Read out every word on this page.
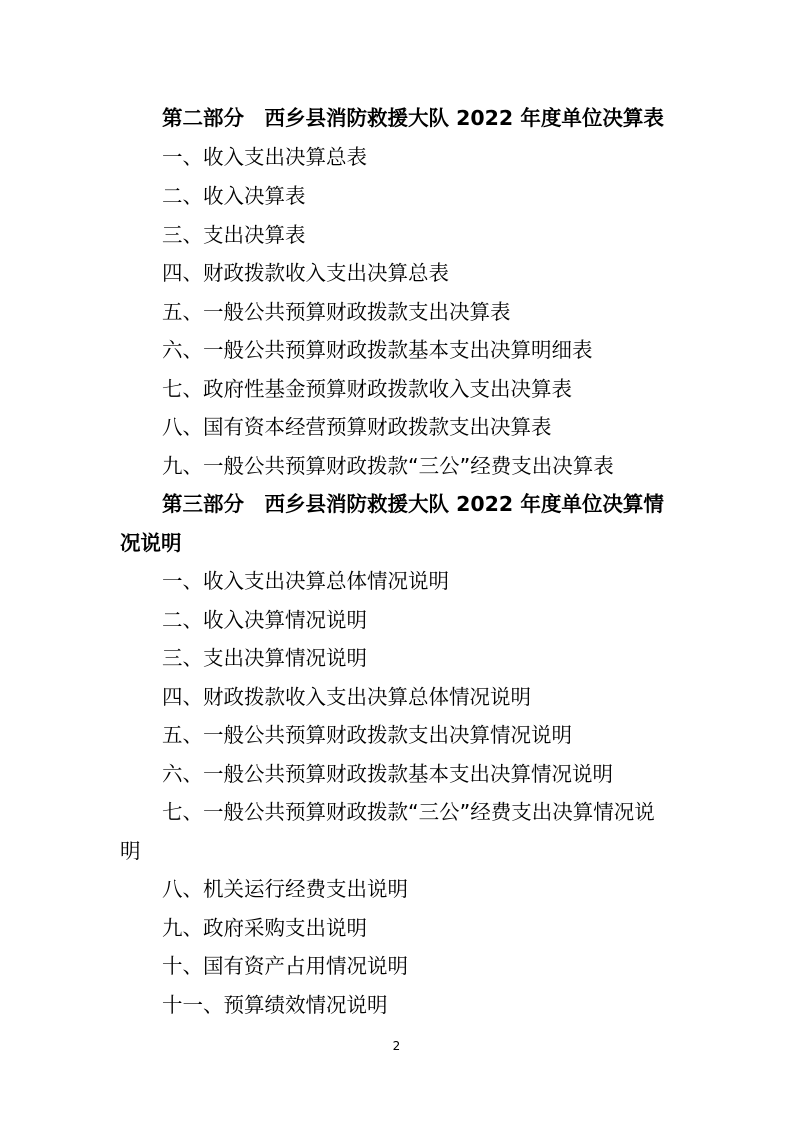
第二部分　西乡县消防救援大队 2022 年度单位决算表
一、收入支出决算总表
二、收入决算表
三、支出决算表
四、财政拨款收入支出决算总表
五、一般公共预算财政拨款支出决算表
六、一般公共预算财政拨款基本支出决算明细表
七、政府性基金预算财政拨款收入支出决算表
八、国有资本经营预算财政拨款支出决算表
九、一般公共预算财政拨款“三公”经费支出决算表
第三部分　西乡县消防救援大队 2022 年度单位决算情
况说明
一、收入支出决算总体情况说明
二、收入决算情况说明
三、支出决算情况说明
四、财政拨款收入支出决算总体情况说明
五、一般公共预算财政拨款支出决算情况说明
六、一般公共预算财政拨款基本支出决算情况说明
七、一般公共预算财政拨款“三公”经费支出决算情况说
明
八、机关运行经费支出说明
九、政府采购支出说明
十、国有资产占用情况说明
十一、预算绩效情况说明
2
